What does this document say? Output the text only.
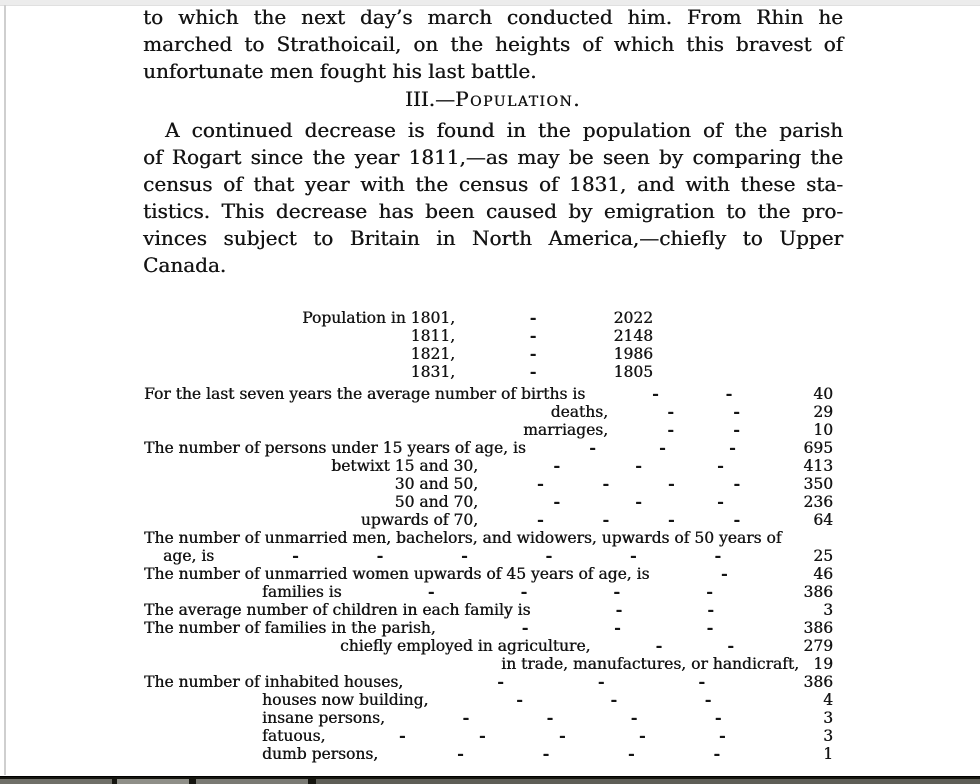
to which the next day’s march conducted him. From Rhin he
marched to Strathoicail, on the heights of which this bravest of
unfortunate men fought his last battle.
III.—Population.
A continued decrease is found in the population of the parish
of Rogart since the year 1811,—as may be seen by comparing the
census of that year with the census of 1831, and with these sta-
tistics. This decrease has been caused by emigration to the pro-
vinces subject to Britain in North America,—chiefly to Upper
Canada.
Population in 1801,	-	2022
1811,	-	2148
1821,	-	1986
1831,	-	1805
For the last seven years the average number of births is	-	-	40
deaths,	-	-	29
marriages,	-	-	10
The number of persons under 15 years of age, is	-	-	-	695
betwixt 15 and 30,	-	-	-	413
30 and 50,	-	-	-	-	350
50 and 70,	-	-	-	236
upwards of 70,	-	-	-	-	64
The number of unmarried men, bachelors, and widowers, upwards of 50 years of
age, is	-	-	-	-	-	-	25
The number of unmarried women upwards of 45 years of age, is	-	46
families is	-	-	-	-	386
The average number of children in each family is	-	-	3
The number of families in the parish,	-	-	-	386
chiefly employed in agriculture,	-	-	279
in trade, manufactures, or handicraft, 19
The number of inhabited houses,	-	-	-	386
houses now building,	-	-	-	4
insane persons,	-	-	-	-	3
fatuous,	-	-	-	-	-	3
dumb persons,	-	-	-	-	1
